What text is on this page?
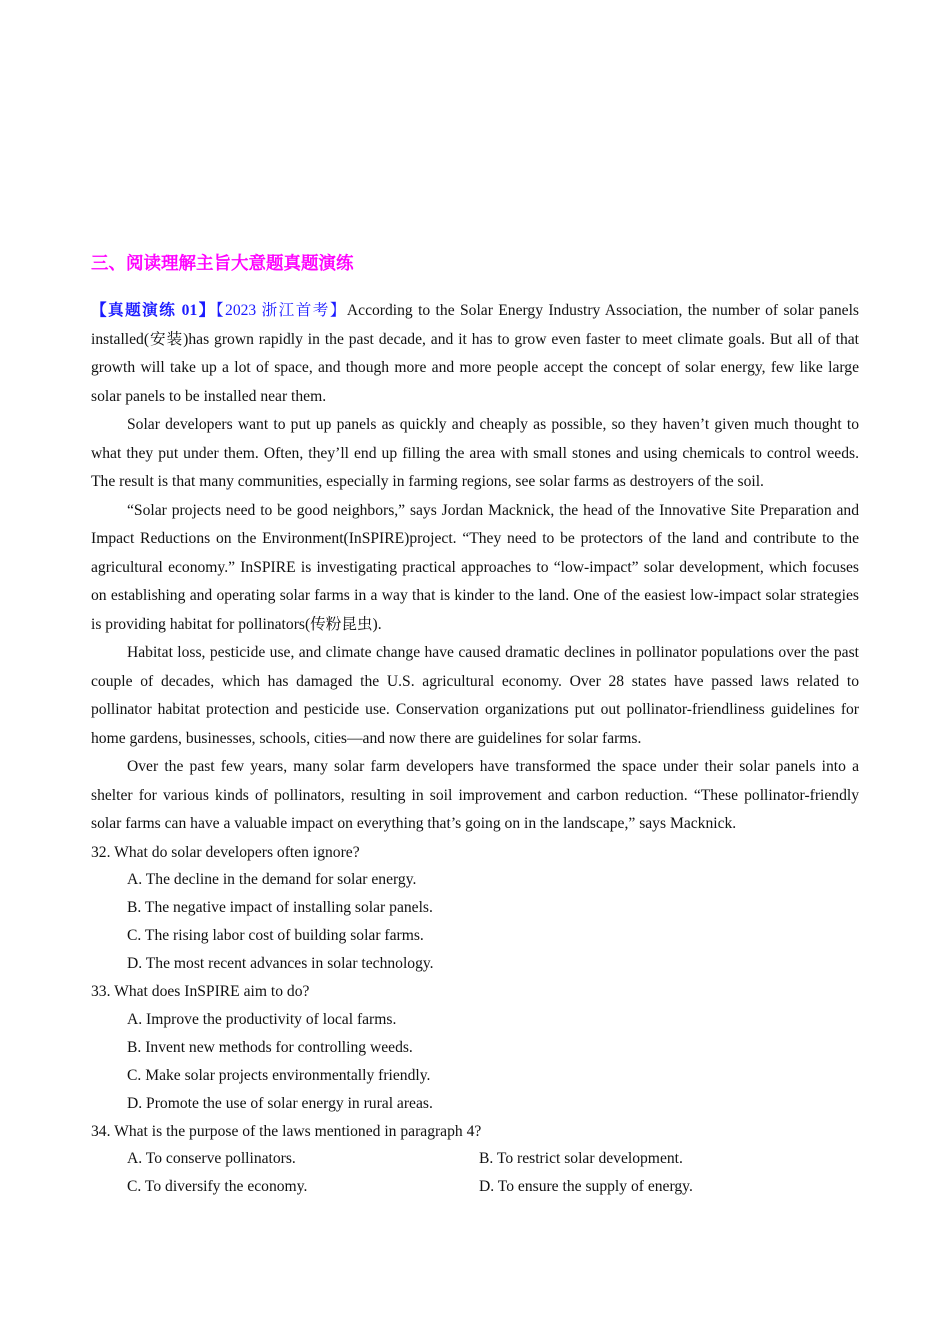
三、阅读理解主旨大意题真题演练

【真题演练 01】【2023 浙江首考】According to the Solar Energy Industry Association, the number of solar panels installed(安装)has grown rapidly in the past decade, and it has to grow even faster to meet climate goals. But all of that growth will take up a lot of space, and though more and more people accept the concept of solar energy, few like large solar panels to be installed near them.

Solar developers want to put up panels as quickly and cheaply as possible, so they haven’t given much thought to what they put under them. Often, they’ll end up filling the area with small stones and using chemicals to control weeds. The result is that many communities, especially in farming regions, see solar farms as destroyers of the soil.

“Solar projects need to be good neighbors,” says Jordan Macknick, the head of the Innovative Site Preparation and Impact Reductions on the Environment(InSPIRE)project. “They need to be protectors of the land and contribute to the agricultural economy.” InSPIRE is investigating practical approaches to “low-impact” solar development, which focuses on establishing and operating solar farms in a way that is kinder to the land. One of the easiest low-impact solar strategies is providing habitat for pollinators(传粉昆虫).

Habitat loss, pesticide use, and climate change have caused dramatic declines in pollinator populations over the past couple of decades, which has damaged the U.S. agricultural economy. Over 28 states have passed laws related to pollinator habitat protection and pesticide use. Conservation organizations put out pollinator-friendliness guidelines for home gardens, businesses, schools, cities—and now there are guidelines for solar farms.

Over the past few years, many solar farm developers have transformed the space under their solar panels into a shelter for various kinds of pollinators, resulting in soil improvement and carbon reduction. “These pollinator-friendly solar farms can have a valuable impact on everything that’s going on in the landscape,” says Macknick.

32. What do solar developers often ignore?

A. The decline in the demand for solar energy.

B. The negative impact of installing solar panels.

C. The rising labor cost of building solar farms.

D. The most recent advances in solar technology.

33. What does InSPIRE aim to do?

A. Improve the productivity of local farms.

B. Invent new methods for controlling weeds.

C. Make solar projects environmentally friendly.

D. Promote the use of solar energy in rural areas.

34. What is the purpose of the laws mentioned in paragraph 4?

A. To conserve pollinators.	B. To restrict solar development.
C. To diversify the economy.	D. To ensure the supply of energy.
